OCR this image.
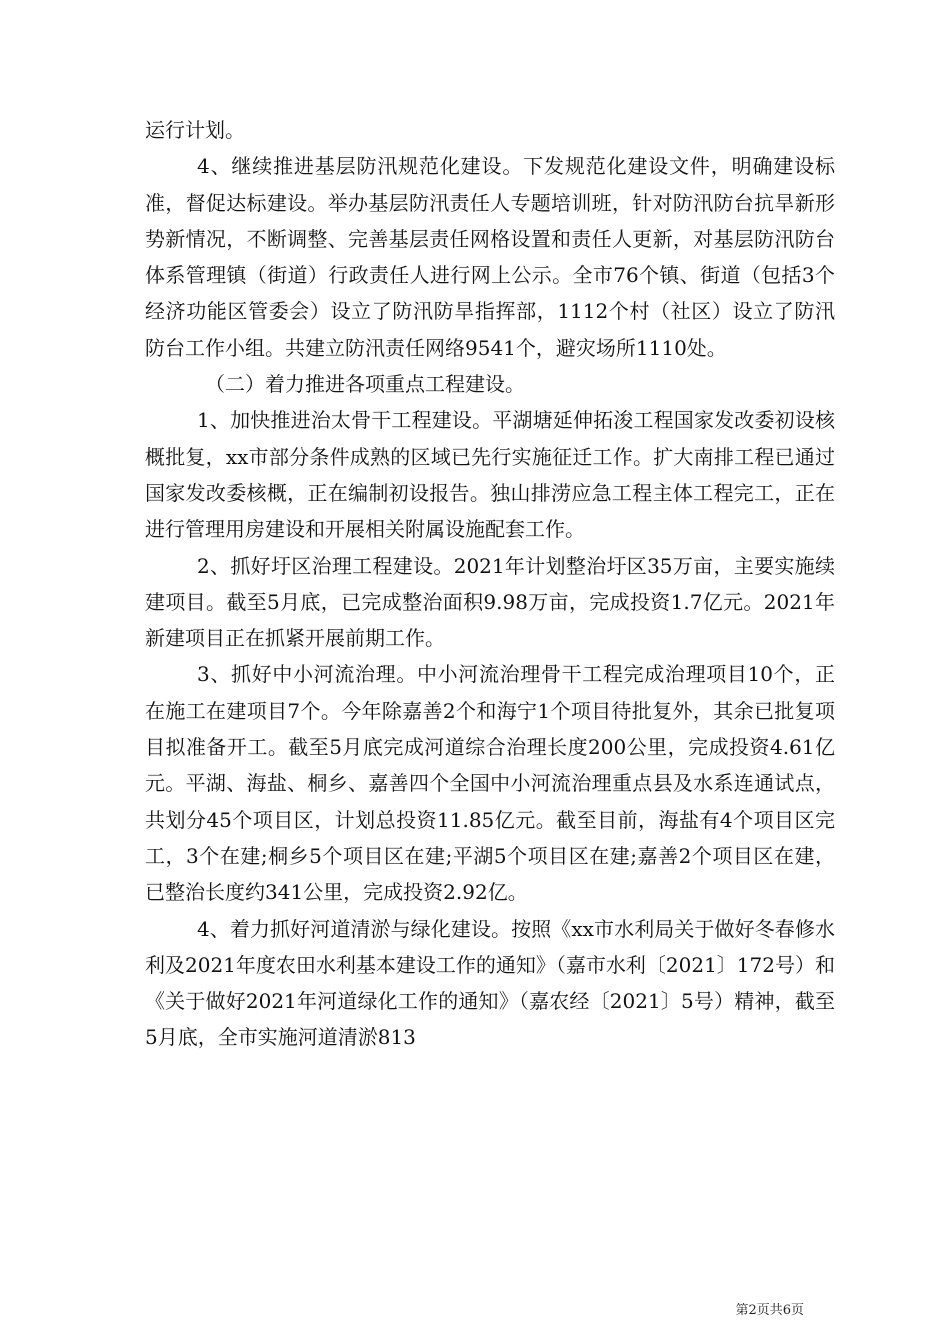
运行计划。

4、继续推进基层防汛规范化建设。下发规范化建设文件，明确建设标准，督促达标建设。举办基层防汛责任人专题培训班，针对防汛防台抗旱新形势新情况，不断调整、完善基层责任网格设置和责任人更新，对基层防汛防台体系管理镇（街道）行政责任人进行网上公示。全市76个镇、街道（包括3个经济功能区管委会）设立了防汛防旱指挥部，1112个村（社区）设立了防汛防台工作小组。共建立防汛责任网络9541个，避灾场所1110处。

（二）着力推进各项重点工程建设。

1、加快推进治太骨干工程建设。平湖塘延伸拓浚工程国家发改委初设核概批复，xx市部分条件成熟的区域已先行实施征迁工作。扩大南排工程已通过国家发改委核概，正在编制初设报告。独山排涝应急工程主体工程完工，正在进行管理用房建设和开展相关附属设施配套工作。

2、抓好圩区治理工程建设。2021年计划整治圩区35万亩，主要实施续建项目。截至5月底，已完成整治面积9.98万亩，完成投资1.7亿元。2021年新建项目正在抓紧开展前期工作。

3、抓好中小河流治理。中小河流治理骨干工程完成治理项目10个，正在施工在建项目7个。今年除嘉善2个和海宁1个项目待批复外，其余已批复项目拟准备开工。截至5月底完成河道综合治理长度200公里，完成投资4.61亿元。平湖、海盐、桐乡、嘉善四个全国中小河流治理重点县及水系连通试点，共划分45个项目区，计划总投资11.85亿元。截至目前，海盐有4个项目区完工，3个在建;桐乡5个项目区在建;平湖5个项目区在建;嘉善2个项目区在建，已整治长度约341公里，完成投资2.92亿。

4、着力抓好河道清淤与绿化建设。按照《xx市水利局关于做好冬春修水利及2021年度农田水利基本建设工作的通知》（嘉市水利〔2021〕172号）和《关于做好2021年河道绿化工作的通知》（嘉农经〔2021〕5号）精神，截至5月底，全市实施河道清淤813

第2页共6页
